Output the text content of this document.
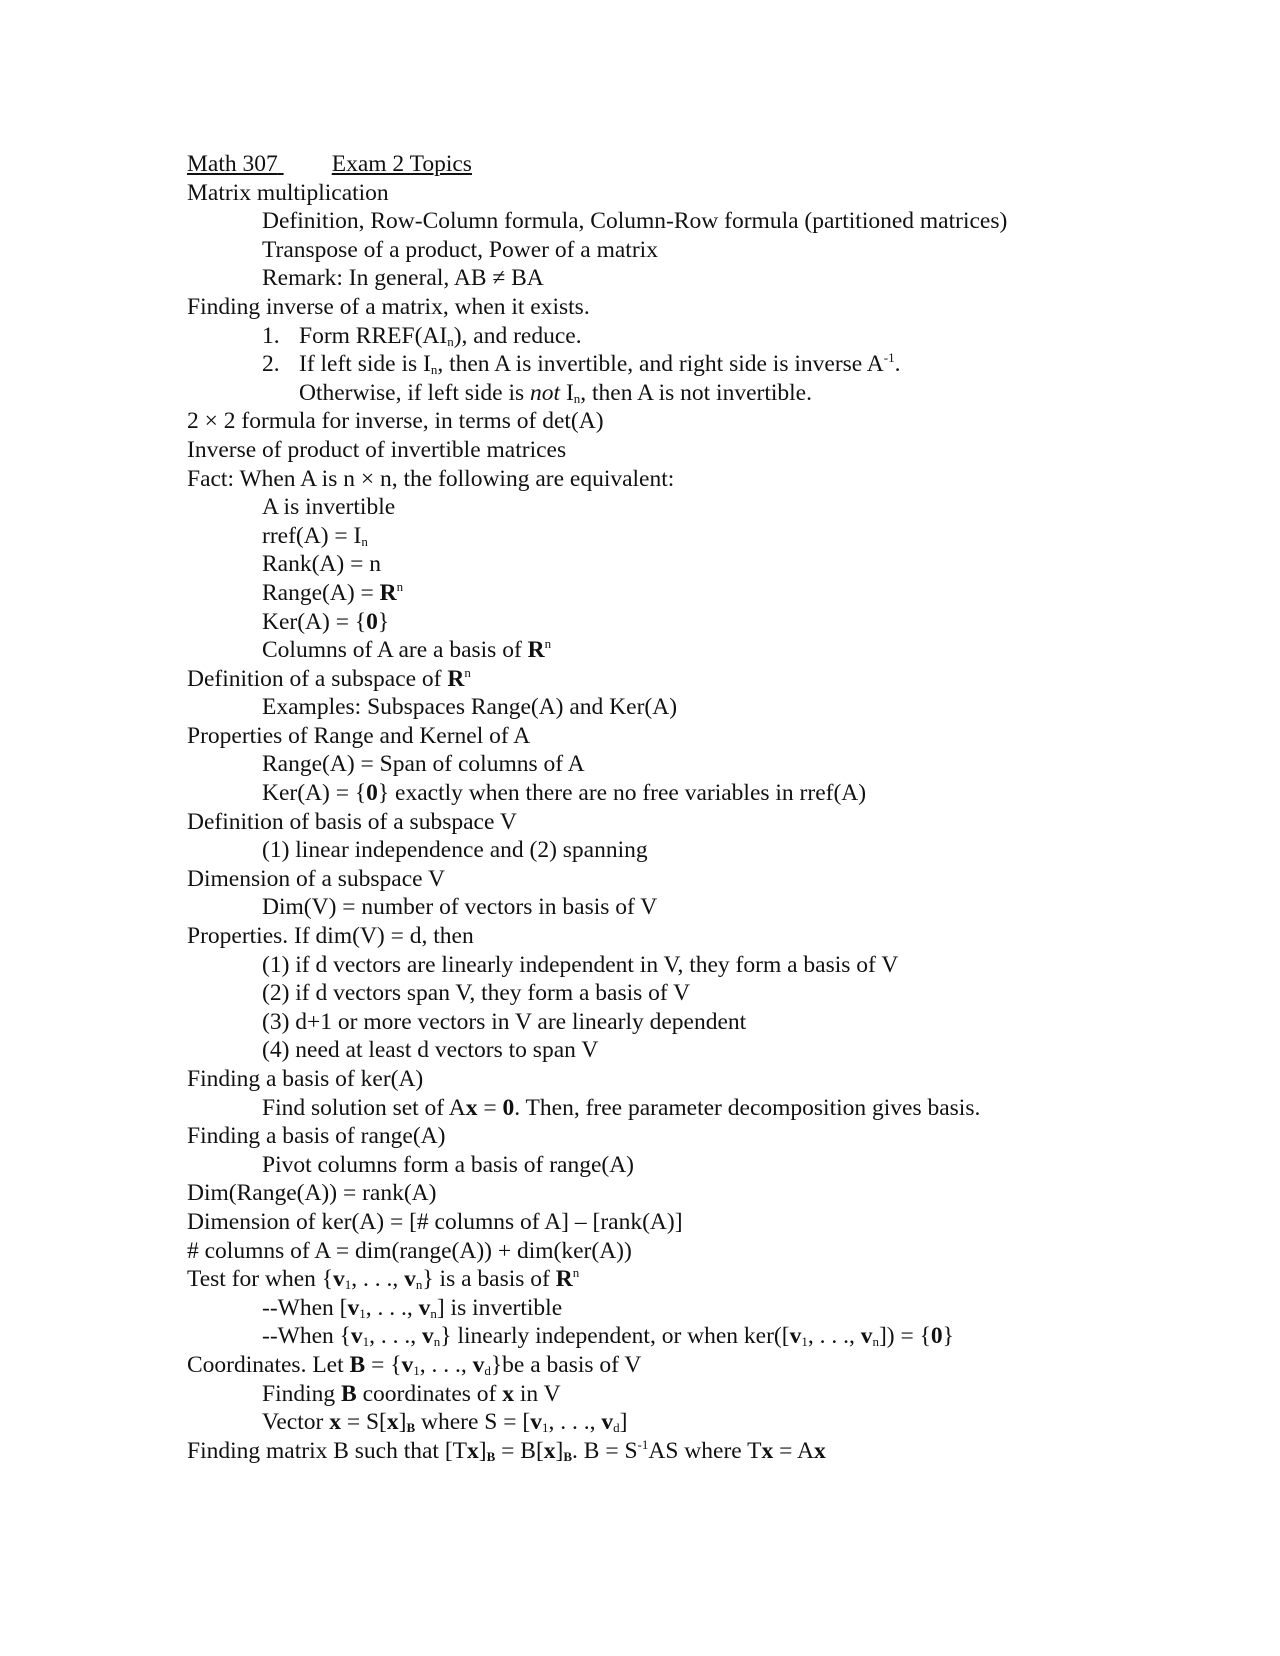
Math 307 Exam 2 Topics
Matrix multiplication
Definition, Row-Column formula, Column-Row formula (partitioned matrices)
Transpose of a product, Power of a matrix
Remark: In general, AB ≠ BA
Finding inverse of a matrix, when it exists.
1. Form $RREF(AI_n)$, and reduce.
2. If left side is $I_n$, then A is invertible, and right side is inverse $A^{-1}$.
Otherwise, if left side is not $I_n$, then A is not invertible.
2 × 2 formula for inverse, in terms of det(A)
Inverse of product of invertible matrices
Fact: When A is n × n, the following are equivalent:
A is invertible
rref(A) = $I_n$
Rank(A) = n
Range(A) = $R^n$
Ker(A) = {0}
Columns of A are a basis of $R^n$
Definition of a subspace of $R^n$
Examples: Subspaces Range(A) and Ker(A)
Properties of Range and Kernel of A
Range(A) = Span of columns of A
Ker(A) = {0} exactly when there are no free variables in rref(A)
Definition of basis of a subspace V
(1) linear independence and (2) spanning
Dimension of a subspace V
Dim(V) = number of vectors in basis of V
Properties. If dim(V) = d, then
(1) if d vectors are linearly independent in V, they form a basis of V
(2) if d vectors span V, they form a basis of V
(3) d+1 or more vectors in V are linearly dependent
(4) need at least d vectors to span V
Finding a basis of ker(A)
Find solution set of Ax = 0. Then, free parameter decomposition gives basis.
Finding a basis of range(A)
Pivot columns form a basis of range(A)
Dim(Range(A)) = rank(A)
Dimension of ker(A) = [# columns of A] – [rank(A)]
# columns of A = dim(range(A)) + dim(ker(A))
Test for when {$v_1$, . . ., $v_n$} is a basis of $R^n$
--When [$v_1$, . . ., $v_n$] is invertible
--When {$v_1$, . . ., $v_n$} linearly independent, or when $ker([v_1$, . . ., $v_n]) = \{0\}$
Coordinates. Let $B = \{v_1$, . . ., $v_d\}be$ a basis of V
Finding B coordinates of x in V
Vector $x = S[x]_B$ where $S = [v_1$, . . ., $v_d$]
Finding matrix B such that $[Tx]_B = B[x]_B$. $B = S^{-1}AS$ where Tx = Ax
